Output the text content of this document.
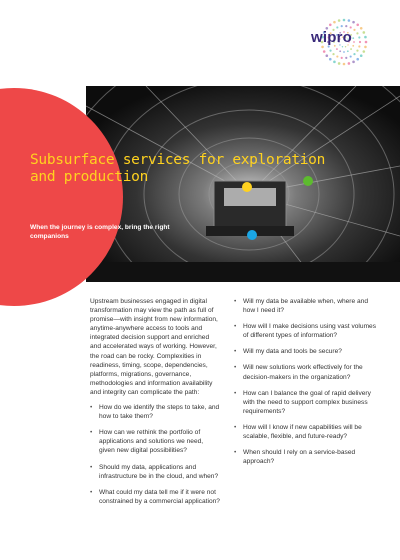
wipro
Subsurface services for exploration and production

When the journey is complex, bring the right companions

Upstream businesses engaged in digital transformation may view the path as full of promise—with insight from new information, anytime-anywhere access to tools and integrated decision support and enriched and accelerated ways of working. However, the road can be rocky. Complexities in readiness, timing, scope, dependencies, platforms, migrations, governance, methodologies and information availability and integrity can complicate the path:

• How do we identify the steps to take, and how to take them?
• How can we rethink the portfolio of applications and solutions we need, given new digital possibilities?
• Should my data, applications and infrastructure be in the cloud, and when?
• What could my data tell me if it were not constrained by a commercial application?
• Will my data be available when, where and how I need it?
• How will I make decisions using vast volumes of different types of information?
• Will my data and tools be secure?
• Will new solutions work effectively for the decision-makers in the organization?
• How can I balance the goal of rapid delivery with the need to support complex business requirements?
• How will I know if new capabilities will be scalable, flexible, and future-ready?
• When should I rely on a service-based approach?
